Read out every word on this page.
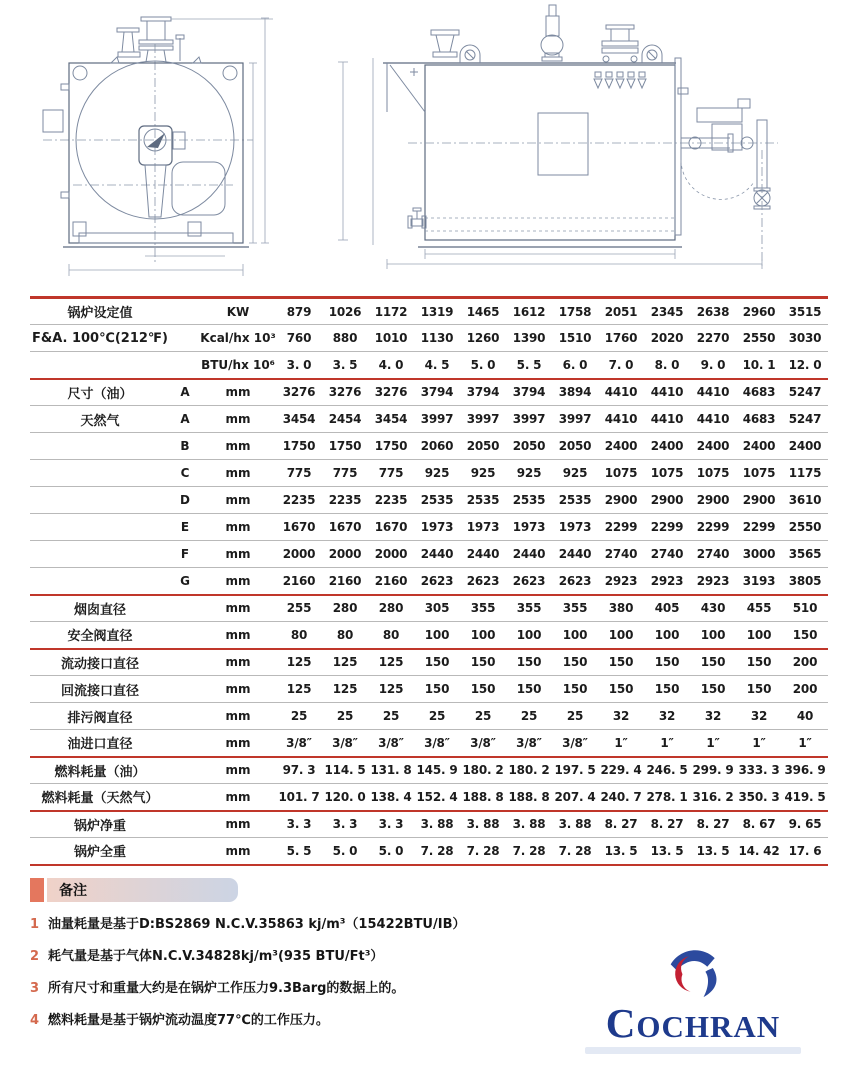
锅炉设定值		KW	879	1026	1172	1319	1465	1612	1758	2051	2345	2638	2960	3515
F&A. 100℃(212℉)		Kcal/hx 10³	760	880	1010	1130	1260	1390	1510	1760	2020	2270	2550	3030
		BTU/hx 10⁶	3. 0	3. 5	4. 0	4. 5	5. 0	5. 5	6. 0	7. 0	8. 0	9. 0	10. 1	12. 0
尺寸（油）	A	mm	3276	3276	3276	3794	3794	3794	3894	4410	4410	4410	4683	5247
天然气	A	mm	3454	2454	3454	3997	3997	3997	3997	4410	4410	4410	4683	5247
	B	mm	1750	1750	1750	2060	2050	2050	2050	2400	2400	2400	2400	2400
	C	mm	775	775	775	925	925	925	925	1075	1075	1075	1075	1175
	D	mm	2235	2235	2235	2535	2535	2535	2535	2900	2900	2900	2900	3610
	E	mm	1670	1670	1670	1973	1973	1973	1973	2299	2299	2299	2299	2550
	F	mm	2000	2000	2000	2440	2440	2440	2440	2740	2740	2740	3000	3565
	G	mm	2160	2160	2160	2623	2623	2623	2623	2923	2923	2923	3193	3805
烟囱直径		mm	255	280	280	305	355	355	355	380	405	430	455	510
安全阀直径		mm	80	80	80	100	100	100	100	100	100	100	100	150
流动接口直径		mm	125	125	125	150	150	150	150	150	150	150	150	200
回流接口直径		mm	125	125	125	150	150	150	150	150	150	150	150	200
排污阀直径		mm	25	25	25	25	25	25	25	32	32	32	32	40
油进口直径		mm	3/8″	3/8″	3/8″	3/8″	3/8″	3/8″	3/8″	1″	1″	1″	1″	1″
燃料耗量（油）		mm	97. 3	114. 5	131. 8	145. 9	180. 2	180. 2	197. 5	229. 4	246. 5	299. 9	333. 3	396. 9
燃料耗量（天然气）		mm	101. 7	120. 0	138. 4	152. 4	188. 8	188. 8	207. 4	240. 7	278. 1	316. 2	350. 3	419. 5
锅炉净重		mm	3. 3	3. 3	3. 3	3. 88	3. 88	3. 88	3. 88	8. 27	8. 27	8. 27	8. 67	9. 65
锅炉全重		mm	5. 5	5. 0	5. 0	7. 28	7. 28	7. 28	7. 28	13. 5	13. 5	13. 5	14. 42	17. 6
备注
1 油量耗量是基于D:BS2869 N.C.V.35863 kj/m³（15422BTU/IB）
2 耗气量是基于气体N.C.V.34828kj/m³(935 BTU/Ft³）
3 所有尺寸和重量大约是在锅炉工作压力9.3Barg的数据上的。
4 燃料耗量是基于锅炉流动温度77℃的工作压力。	COCHRAN
